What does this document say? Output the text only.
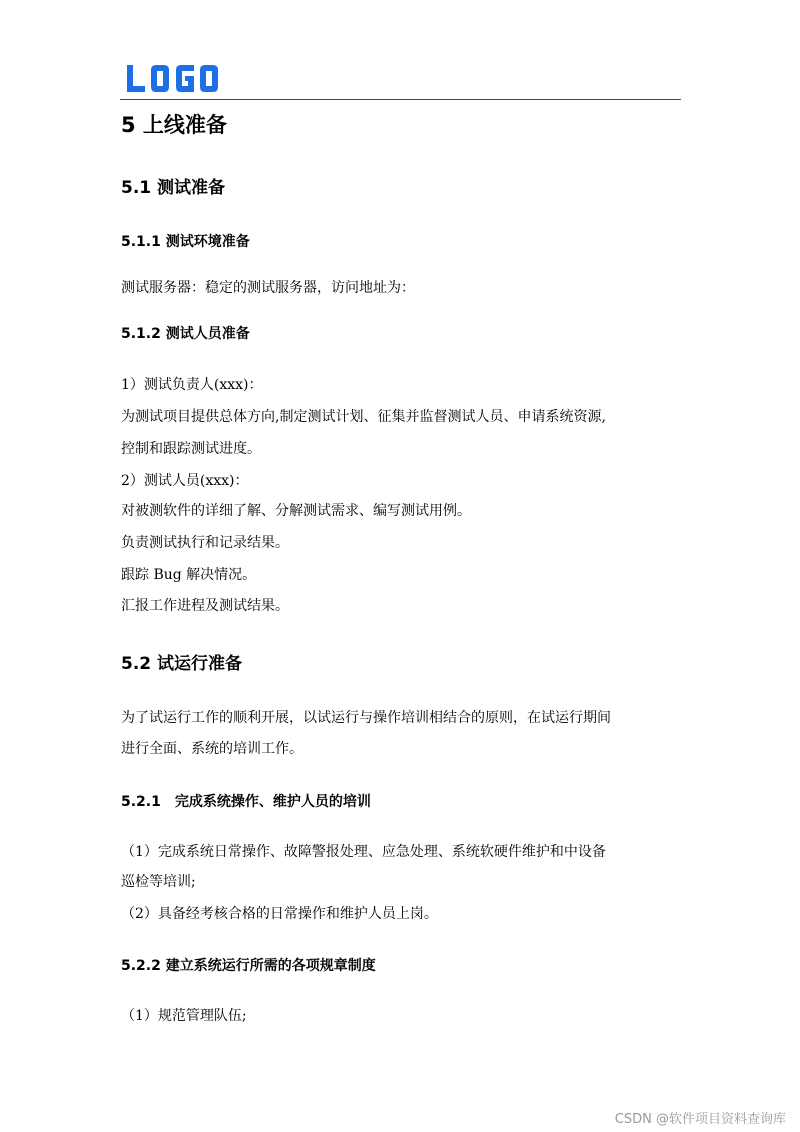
5 上线准备
5.1 测试准备
5.1.1 测试环境准备
测试服务器：稳定的测试服务器，访问地址为：
5.1.2 测试人员准备
1）测试负责人(xxx)：
为测试项目提供总体方向,制定测试计划、征集并监督测试人员、申请系统资源,
控制和跟踪测试进度。
2）测试人员(xxx)：
对被测软件的详细了解、分解测试需求、编写测试用例。
负责测试执行和记录结果。
跟踪 Bug 解决情况。
汇报工作进程及测试结果。
5.2 试运行准备
为了试运行工作的顺利开展，以试运行与操作培训相结合的原则，在试运行期间
进行全面、系统的培训工作。
5.2.1　完成系统操作、维护人员的培训
（1）完成系统日常操作、故障警报处理、应急处理、系统软硬件维护和中设备
巡检等培训;
（2）具备经考核合格的日常操作和维护人员上岗。
5.2.2 建立系统运行所需的各项规章制度
（1）规范管理队伍;
CSDN @软件项目资料查询库
